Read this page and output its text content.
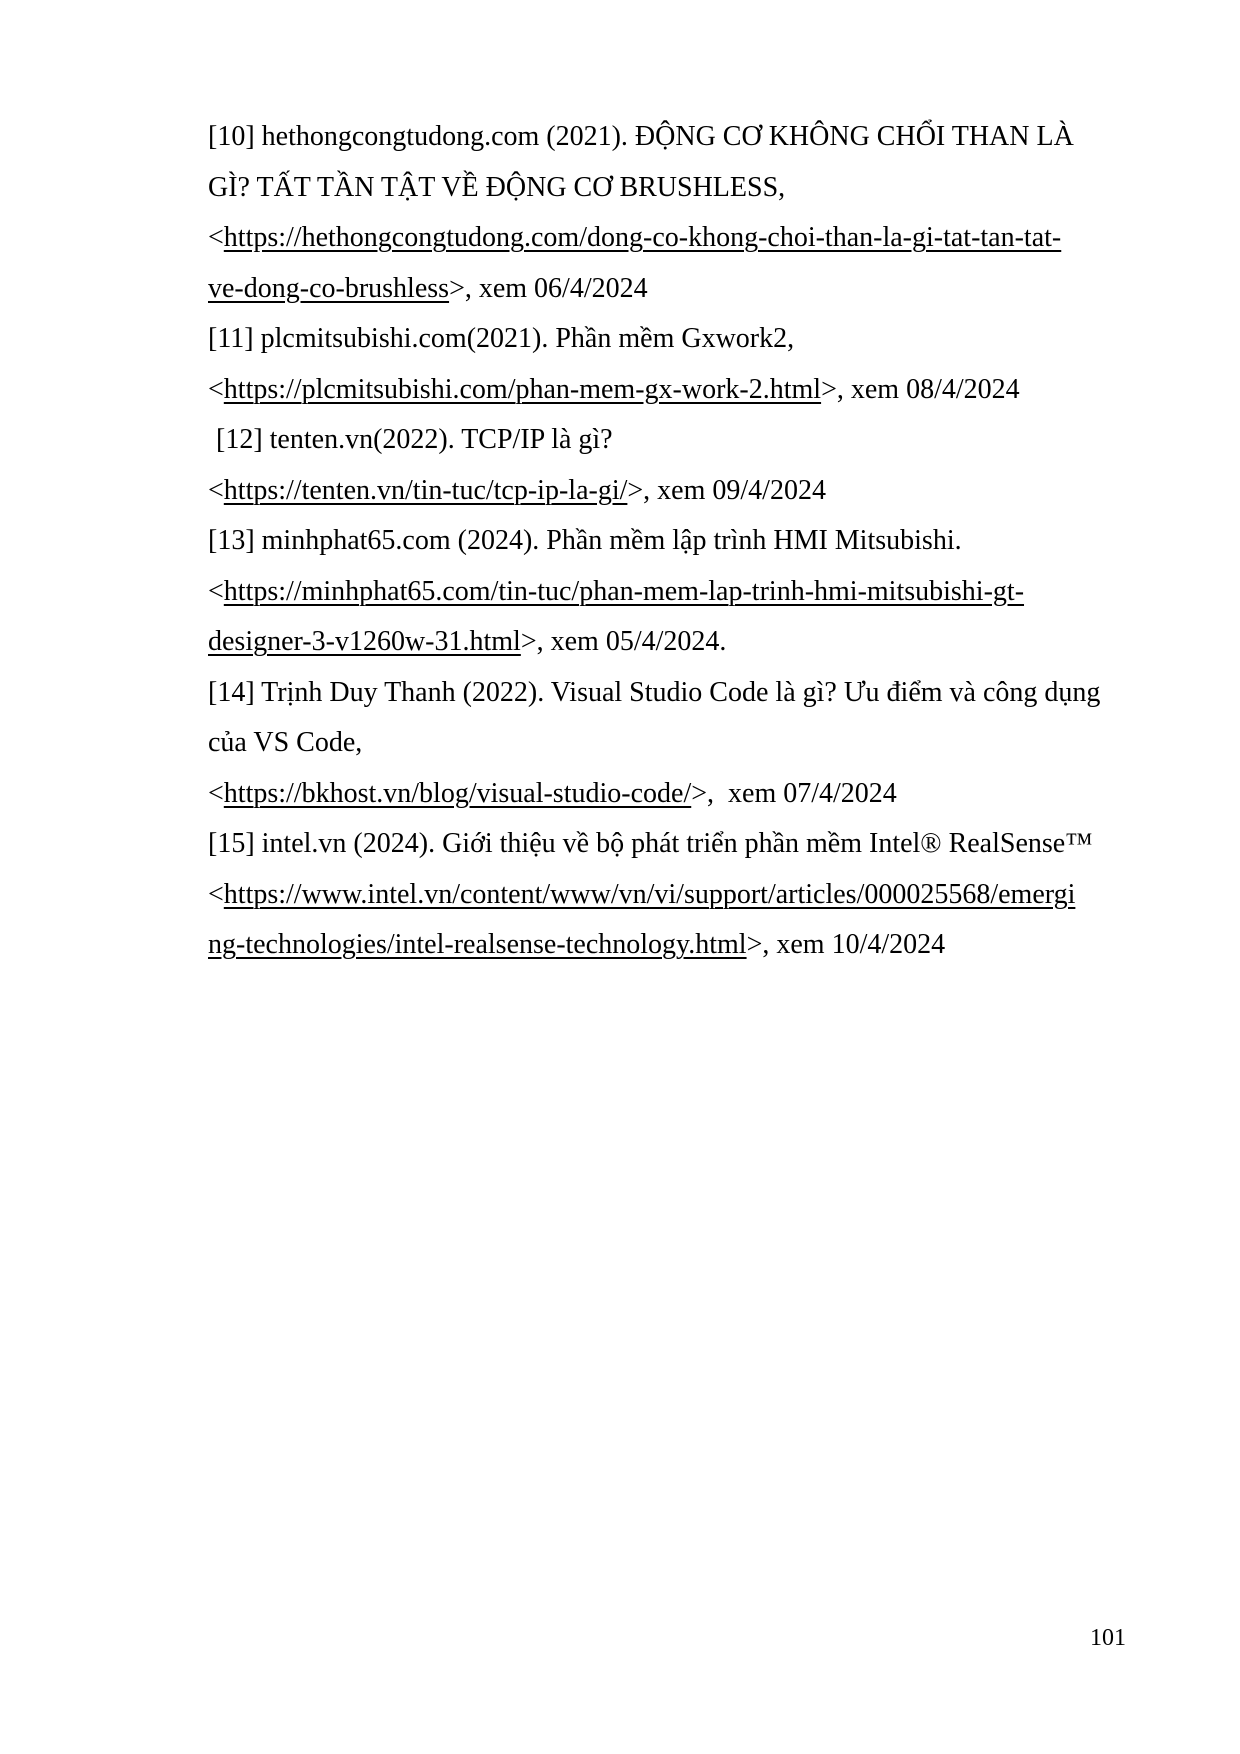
[10] hethongcongtudong.com (2021). ĐỘNG CƠ KHÔNG CHỔI THAN LÀ
GÌ? TẤT TẦN TẬT VỀ ĐỘNG CƠ BRUSHLESS,
<https://hethongcongtudong.com/dong-co-khong-choi-than-la-gi-tat-tan-tat-
ve-dong-co-brushless>, xem 06/4/2024
[11] plcmitsubishi.com(2021). Phần mềm Gxwork2,
<https://plcmitsubishi.com/phan-mem-gx-work-2.html>, xem 08/4/2024
[12] tenten.vn(2022). TCP/IP là gì?
<https://tenten.vn/tin-tuc/tcp-ip-la-gi/>, xem 09/4/2024
[13] minhphat65.com (2024). Phần mềm lập trình HMI Mitsubishi.
<https://minhphat65.com/tin-tuc/phan-mem-lap-trinh-hmi-mitsubishi-gt-
designer-3-v1260w-31.html>, xem 05/4/2024.
[14] Trịnh Duy Thanh (2022). Visual Studio Code là gì? Ưu điểm và công dụng
của VS Code,
<https://bkhost.vn/blog/visual-studio-code/>,  xem 07/4/2024
[15] intel.vn (2024). Giới thiệu về bộ phát triển phần mềm Intel® RealSense™
<https://www.intel.vn/content/www/vn/vi/support/articles/000025568/emergi
ng-technologies/intel-realsense-technology.html>, xem 10/4/2024
101
